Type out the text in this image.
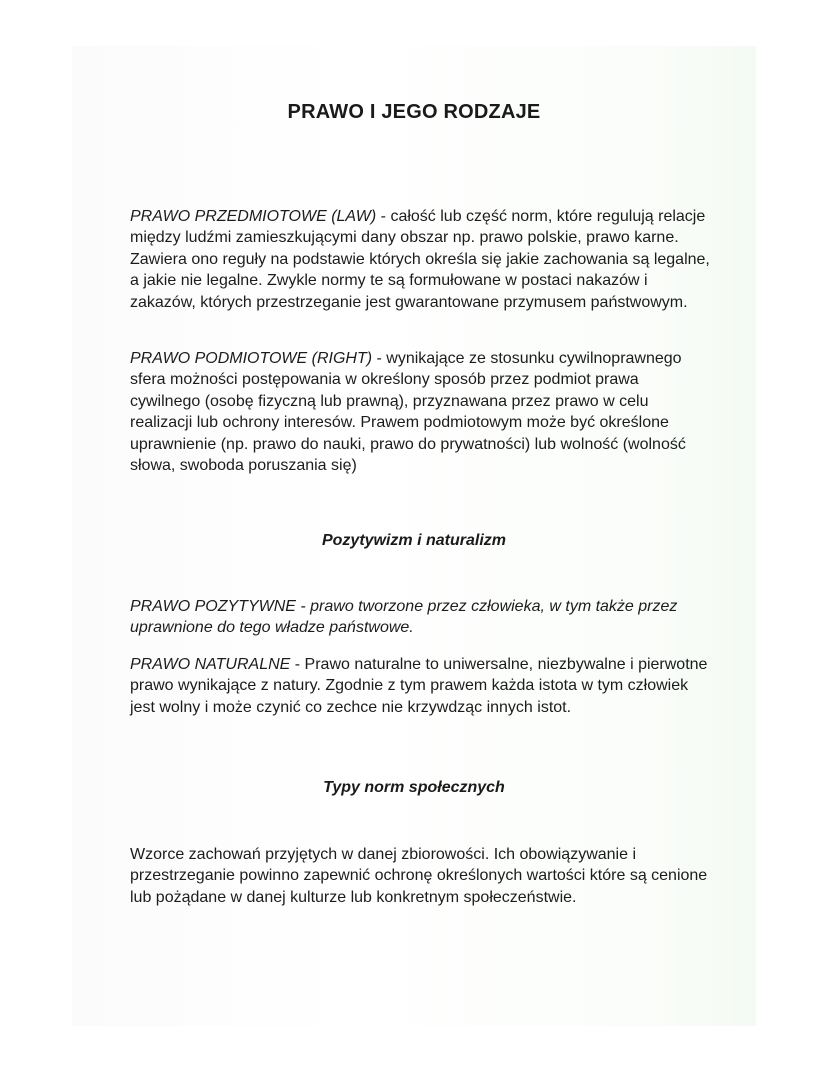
PRAWO I JEGO RODZAJE
PRAWO PRZEDMIOTOWE (LAW) - całość lub część norm, które regulują relacje między ludźmi zamieszkującymi dany obszar np. prawo polskie, prawo karne. Zawiera ono reguły na podstawie których określa się jakie zachowania są legalne, a jakie nie legalne. Zwykle normy te są formułowane w postaci nakazów i zakazów, których przestrzeganie jest gwarantowane przymusem państwowym.
PRAWO PODMIOTOWE (RIGHT) - wynikające ze stosunku cywilnoprawnego sfera możności postępowania w określony sposób przez podmiot prawa cywilnego (osobę fizyczną lub prawną), przyznawana przez prawo w celu realizacji lub ochrony interesów. Prawem podmiotowym może być określone uprawnienie (np. prawo do nauki, prawo do prywatności) lub wolność (wolność słowa, swoboda poruszania się)
Pozytywizm i naturalizm
PRAWO POZYTYWNE - prawo tworzone przez człowieka, w tym także przez uprawnione do tego władze państwowe.
PRAWO NATURALNE - Prawo naturalne to uniwersalne, niezbywalne i pierwotne prawo wynikające z natury. Zgodnie z tym prawem każda istota w tym człowiek jest wolny i może czynić co zechce nie krzywdząc innych istot.
Typy norm społecznych
Wzorce zachowań przyjętych w danej zbiorowości. Ich obowiązywanie i przestrzeganie powinno zapewnić ochronę określonych wartości które są cenione lub pożądane w danej kulturze lub konkretnym społeczeństwie.
